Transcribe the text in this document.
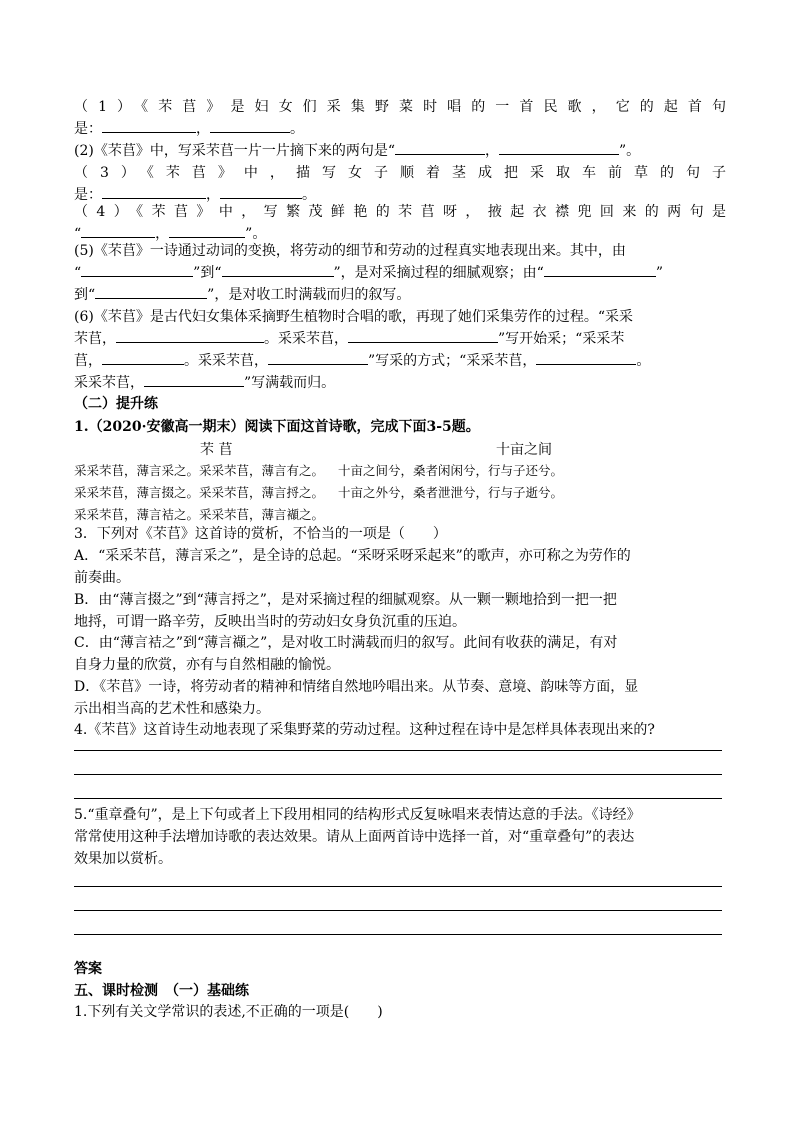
（1）《芣苢》是妇女们采集野菜时唱的一首民歌，它的起首句
是：	，	。
(2)《芣苢》中，写采芣苢一片一片摘下来的两句是“	，	”。
（3）《芣苢》中，描写女子顺着茎成把采取车前草的句子
是：	，	。
（4）《芣苢》中，写繁茂鲜艳的芣苢呀，掖起衣襟兜回来的两句是
“	，	”。
(5)《芣苢》一诗通过动词的变换，将劳动的细节和劳动的过程真实地表现出来。其中，由
“	”到“	”，是对采摘过程的细腻观察；由“	”
到“	”，是对收工时满载而归的叙写。
(6)《芣苢》是古代妇女集体采摘野生植物时合唱的歌，再现了她们采集劳作的过程。“采采
芣苢，	。采采芣苢，	”写开始采；“采采芣
苢，	。采采芣苢，	”写采的方式；“采采芣苢，	。
采采芣苢，	”写满载而归。
（二）提升练
1.（2020·安徽高一期末）阅读下面这首诗歌，完成下面3-5题。
芣 苢	十亩之间
采采芣苢，薄言采之。采采芣苢，薄言有之。
采采芣苢，薄言掇之。采采芣苢，薄言捋之。
采采芣苢，薄言袺之。采采芣苢，薄言襭之。
十亩之间兮，桑者闲闲兮，行与子还兮。
十亩之外兮，桑者泄泄兮，行与子逝兮。
3．下列对《芣苢》这首诗的赏析，不恰当的一项是（　　）
A．“采采芣苢，薄言采之”，是全诗的总起。“采呀采呀采起来”的歌声，亦可称之为劳作的
前奏曲。
B．由“薄言掇之”到“薄言捋之”，是对采摘过程的细腻观察。从一颗一颗地拾到一把一把
地捋，可谓一路辛劳，反映出当时的劳动妇女身负沉重的压迫。
C．由“薄言袺之”到“薄言襭之”，是对收工时满载而归的叙写。此间有收获的满足，有对
自身力量的欣赏，亦有与自然相融的愉悦。
D．《芣苢》一诗，将劳动者的精神和情绪自然地吟唱出来。从节奏、意境、韵味等方面，显
示出相当高的艺术性和感染力。
4.《芣苢》这首诗生动地表现了采集野菜的劳动过程。这种过程在诗中是怎样具体表现出来的?
5.“重章叠句”，是上下句或者上下段用相同的结构形式反复咏唱来表情达意的手法。《诗经》
常常使用这种手法增加诗歌的表达效果。请从上面两首诗中选择一首，对“重章叠句”的表达
效果加以赏析。
答案
五、课时检测　（一）基础练
1.下列有关文学常识的表述,不正确的一项是(　　)
